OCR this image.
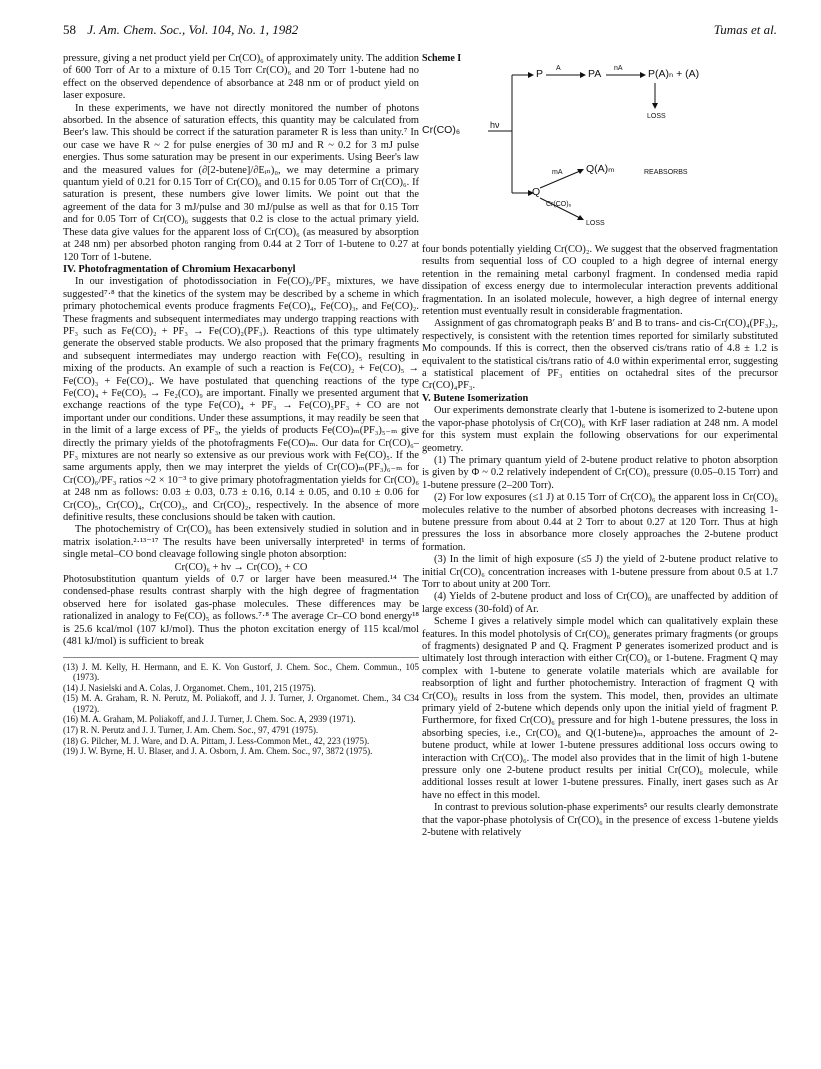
58 J. Am. Chem. Soc., Vol. 104, No. 1, 1982	Tumas et al.

pressure, giving a net product yield per Cr(CO)₆ of approximately unity. The addition of 600 Torr of Ar to a mixture of 0.15 Torr Cr(CO)₆ and 20 Torr 1-butene had no effect on the observed dependence of absorbance at 248 nm or of product yield on laser exposure.

In these experiments, we have not directly monitored the number of photons absorbed. In the absence of saturation effects, this quantity may be calculated from Beer's law. This should be correct if the saturation parameter R is less than unity.⁷ In our case we have R ~ 2 for pulse energies of 30 mJ and R ~ 0.2 for 3 mJ pulse energies. Thus some saturation may be present in our experiments. Using Beer's law and the measured values for (∂[2-butene]/∂Eᵢₙ)₀, we may determine a primary quantum yield of 0.21 for 0.15 Torr of Cr(CO)₆ and 0.15 for 0.05 Torr of Cr(CO)₆. If saturation is present, these numbers give lower limits. We point out that the agreement of the data for 3 mJ/pulse and 30 mJ/pulse as well as that for 0.15 Torr and for 0.05 Torr of Cr(CO)₆ suggests that 0.2 is close to the actual primary yield. These data give values for the apparent loss of Cr(CO)₆ (as measured by absorption at 248 nm) per absorbed photon ranging from 0.44 at 2 Torr of 1-butene to 0.27 at 120 Torr of 1-butene.

IV. Photofragmentation of Chromium Hexacarbonyl

In our investigation of photodissociation in Fe(CO)₅/PF₃ mixtures, we have suggested⁷·⁸ that the kinetics of the system may be described by a scheme in which primary photochemical events produce fragments Fe(CO)₄, Fe(CO)₃, and Fe(CO)₂. These fragments and subsequent intermediates may undergo trapping reactions with PF₃ such as Fe(CO)₂ + PF₃ → Fe(CO)₂(PF₃). Reactions of this type ultimately generate the observed stable products. We also proposed that the primary fragments and subsequent intermediates may undergo reaction with Fe(CO)₅ resulting in mixing of the products. An example of such a reaction is Fe(CO)₂ + Fe(CO)₅ → Fe(CO)₃ + Fe(CO)₄. We have postulated that quenching reactions of the type Fe(CO)₄ + Fe(CO)₅ → Fe₂(CO)₉ are important. Finally we presented argument that exchange reactions of the type Fe(CO)₄ + PF₃ → Fe(CO)₃PF₃ + CO are not important under our conditions. Under these assumptions, it may readily be seen that in the limit of a large excess of PF₃, the yields of products Fe(CO)ₘ(PF₃)₅₋ₘ give directly the primary yields of the photofragments Fe(CO)ₘ. Our data for Cr(CO)₆–PF₃ mixtures are not nearly so extensive as our previous work with Fe(CO)₅. If the same arguments apply, then we may interpret the yields of Cr(CO)ₘ(PF₃)₆₋ₘ for Cr(CO)₆/PF₃ ratios ~2 × 10⁻³ to give primary photofragmentation yields for Cr(CO)₆ at 248 nm as follows: 0.03 ± 0.03, 0.73 ± 0.16, 0.14 ± 0.05, and 0.10 ± 0.06 for Cr(CO)₅, Cr(CO)₄, Cr(CO)₃, and Cr(CO)₂, respectively. In the absence of more definitive results, these conclusions should be taken with caution.

The photochemistry of Cr(CO)₆ has been extensively studied in solution and in matrix isolation.²·¹³⁻¹⁷ The results have been universally interpreted¹ in terms of single metal–CO bond cleavage following single photon absorption:

Cr(CO)₆ + hν → Cr(CO)₅ + CO

Photosubstitution quantum yields of 0.7 or larger have been measured.¹⁴ The condensed-phase results contrast sharply with the high degree of fragmentation observed here for isolated gas-phase molecules. These differences may be rationalized in analogy to Fe(CO)₅ as follows.⁷·⁸ The average Cr–CO bond energy¹⁸ is 25.6 kcal/mol (107 kJ/mol). Thus the photon excitation energy of 115 kcal/mol (481 kJ/mol) is sufficient to break

(13) J. M. Kelly, H. Hermann, and E. K. Von Gustorf, J. Chem. Soc., Chem. Commun., 105 (1973).
(14) J. Nasielski and A. Colas, J. Organomet. Chem., 101, 215 (1975).
(15) M. A. Graham, R. N. Perutz, M. Poliakoff, and J. J. Turner, J. Organomet. Chem., 34 C34 (1972).
(16) M. A. Graham, M. Poliakoff, and J. J. Turner, J. Chem. Soc. A, 2939 (1971).
(17) R. N. Perutz and J. J. Turner, J. Am. Chem. Soc., 97, 4791 (1975).
(18) G. Pilcher, M. J. Ware, and D. A. Pittam, J. Less-Common Met., 42, 223 (1975).
(19) J. W. Byrne, H. U. Blaser, and J. A. Osborn, J. Am. Chem. Soc., 97, 3872 (1975).
Scheme I
Cr(CO)₆	hν
P A	PA nA P(A)ₙ + (A)
LOSS
Q
mA Q(A)ₘ	REABSORBS
Cr(CO)₆
LOSS

four bonds potentially yielding Cr(CO)₂. We suggest that the observed fragmentation results from sequential loss of CO coupled to a high degree of internal energy retention in the remaining metal carbonyl fragment. In condensed media rapid dissipation of excess energy due to intermolecular interaction prevents additional fragmentation. In an isolated molecule, however, a high degree of internal energy retention must eventually result in considerable fragmentation.

Assignment of gas chromatograph peaks B′ and B to trans- and cis-Cr(CO)₄(PF₃)₂, respectively, is consistent with the retention times reported for similarly substituted Mo compounds. If this is correct, then the observed cis/trans ratio of 4.8 ± 1.2 is equivalent to the statistical cis/trans ratio of 4.0 within experimental error, suggesting a statistical placement of PF₃ entities on octahedral sites of the precursor Cr(CO)₄PF₃.

V. Butene Isomerization

Our experiments demonstrate clearly that 1-butene is isomerized to 2-butene upon the vapor-phase photolysis of Cr(CO)₆ with KrF laser radiation at 248 nm. A model for this system must explain the following observations for our experimental geometry.

(1) The primary quantum yield of 2-butene product relative to photon absorption is given by Φ ~ 0.2 relatively independent of Cr(CO)₆ pressure (0.05–0.15 Torr) and 1-butene pressure (2–200 Torr).

(2) For low exposures (≤1 J) at 0.15 Torr of Cr(CO)₆ the apparent loss in Cr(CO)₆ molecules relative to the number of absorbed photons decreases with increasing 1-butene pressure from about 0.44 at 2 Torr to about 0.27 at 120 Torr. Thus at high pressures the loss in absorbance more closely approaches the 2-butene product formation.

(3) In the limit of high exposure (≤5 J) the yield of 2-butene product relative to initial Cr(CO)₆ concentration increases with 1-butene pressure from about 0.5 at 1.7 Torr to about unity at 200 Torr.

(4) Yields of 2-butene product and loss of Cr(CO)₆ are unaffected by addition of large excess (30-fold) of Ar.

Scheme I gives a relatively simple model which can qualitatively explain these features. In this model photolysis of Cr(CO)₆ generates primary fragments (or groups of fragments) designated P and Q. Fragment P generates isomerized product and is ultimately lost through interaction with either Cr(CO)₆ or 1-butene. Fragment Q may complex with 1-butene to generate volatile materials which are available for reabsorption of light and further photochemistry. Interaction of fragment Q with Cr(CO)₆ results in loss from the system. This model, then, provides an ultimate primary yield of 2-butene which depends only upon the initial yield of fragment P. Furthermore, for fixed Cr(CO)₆ pressure and for high 1-butene pressures, the loss in absorbing species, i.e., Cr(CO)₆ and Q(1-butene)ₘ, approaches the amount of 2-butene product, while at lower 1-butene pressures additional loss occurs owing to interaction with Cr(CO)₆. The model also provides that in the limit of high 1-butene pressure only one 2-butene product results per initial Cr(CO)₆ molecule, while additional losses result at lower 1-butene pressures. Finally, inert gases such as Ar have no effect in this model.

In contrast to previous solution-phase experiments⁵ our results clearly demonstrate that the vapor-phase photolysis of Cr(CO)₆ in the presence of excess 1-butene yields 2-butene with relatively
